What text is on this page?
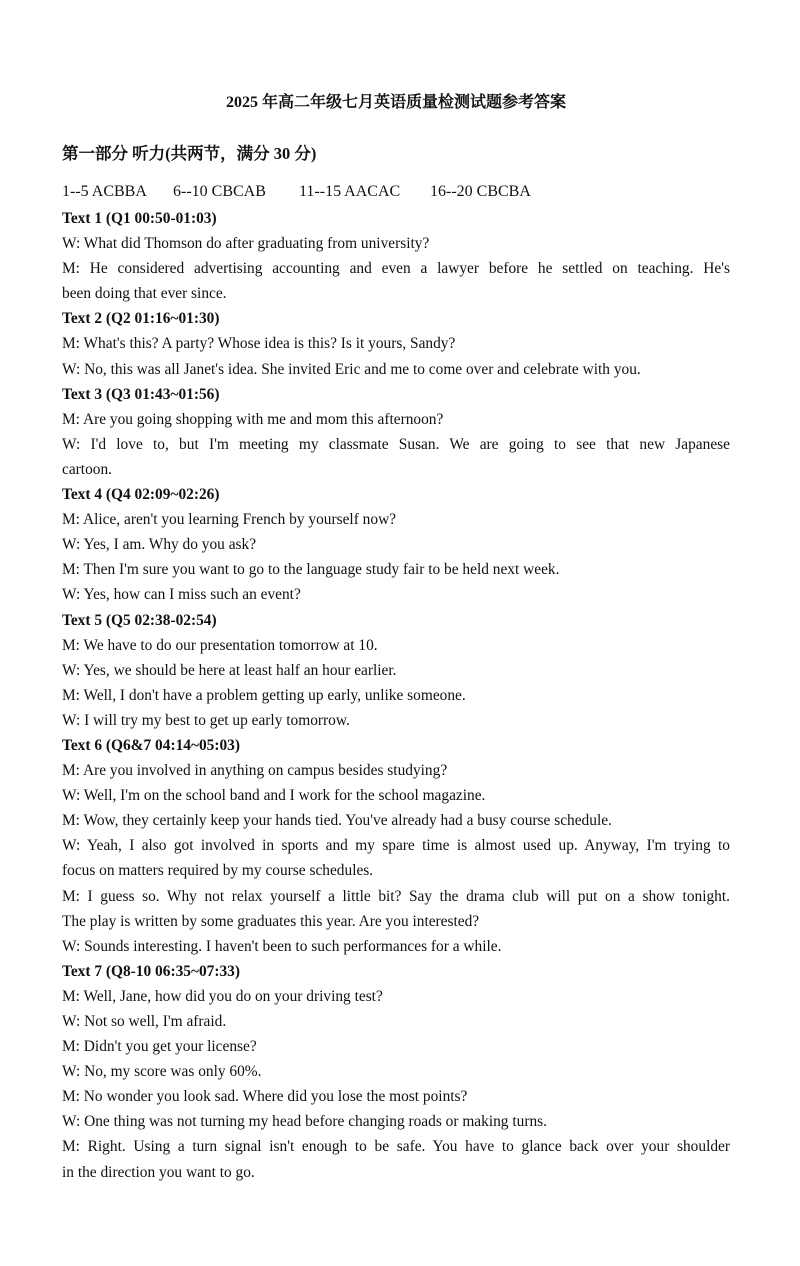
2025 年高二年级七月英语质量检测试题参考答案
第一部分 听力(共两节，满分 30 分)
1--5 ACBBA 6--10 CBCAB 11--15 AACAC 16--20 CBCBA
Text 1 (Q1 00:50-01:03)
W: What did Thomson do after graduating from university?
M: He considered advertising accounting and even a lawyer before he settled on teaching. He's
been doing that ever since.
Text 2 (Q2 01:16~01:30)
M: What's this? A party? Whose idea is this? Is it yours, Sandy?
W: No, this was all Janet's idea. She invited Eric and me to come over and celebrate with you.
Text 3 (Q3 01:43~01:56)
M: Are you going shopping with me and mom this afternoon?
W: I'd love to, but I'm meeting my classmate Susan. We are going to see that new Japanese
cartoon.
Text 4 (Q4 02:09~02:26)
M: Alice, aren't you learning French by yourself now?
W: Yes, I am. Why do you ask?
M: Then I'm sure you want to go to the language study fair to be held next week.
W: Yes, how can I miss such an event?
Text 5 (Q5 02:38-02:54)
M: We have to do our presentation tomorrow at 10.
W: Yes, we should be here at least half an hour earlier.
M: Well, I don't have a problem getting up early, unlike someone.
W: I will try my best to get up early tomorrow.
Text 6 (Q6&7 04:14~05:03)
M: Are you involved in anything on campus besides studying?
W: Well, I'm on the school band and I work for the school magazine.
M: Wow, they certainly keep your hands tied. You've already had a busy course schedule.
W: Yeah, I also got involved in sports and my spare time is almost used up. Anyway, I'm trying to
focus on matters required by my course schedules.
M: I guess so. Why not relax yourself a little bit? Say the drama club will put on a show tonight.
The play is written by some graduates this year. Are you interested?
W: Sounds interesting. I haven't been to such performances for a while.
Text 7 (Q8-10 06:35~07:33)
M: Well, Jane, how did you do on your driving test?
W: Not so well, I'm afraid.
M: Didn't you get your license?
W: No, my score was only 60%.
M: No wonder you look sad. Where did you lose the most points?
W: One thing was not turning my head before changing roads or making turns.
M: Right. Using a turn signal isn't enough to be safe. You have to glance back over your shoulder
in the direction you want to go.
